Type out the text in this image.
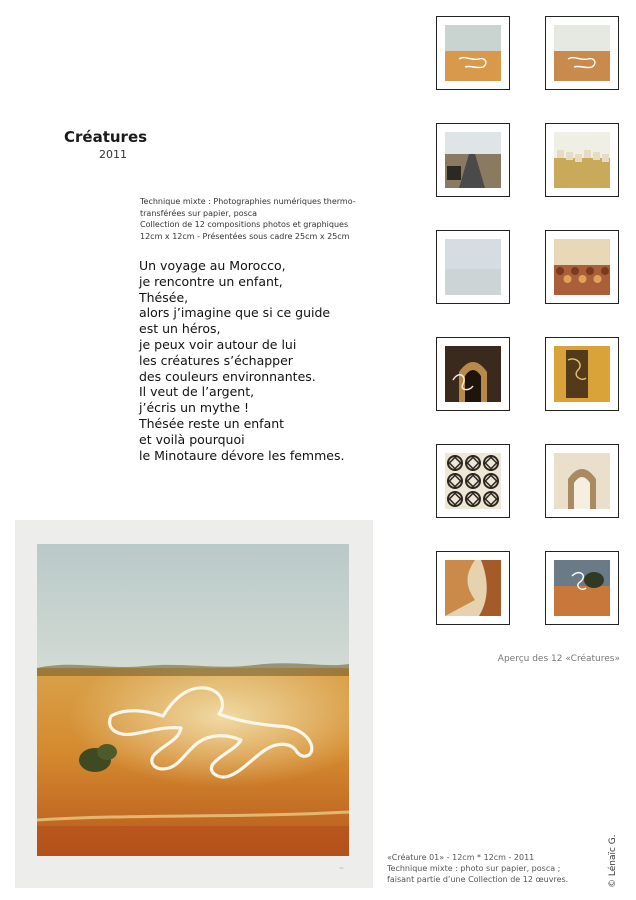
Créatures
2011
Technique mixte : Photographies numériques thermo-
transférées sur papier, posca
Collection de 12 compositions photos et graphiques
12cm x 12cm - Présentées sous cadre 25cm x 25cm
Un voyage au Morocco,
je rencontre un enfant,
Thésée,
alors j’imagine que si ce guide
est un héros,
je peux voir autour de lui
les créatures s’échapper
des couleurs environnantes.
Il veut de l’argent,
j’écris un mythe !
Thésée reste un enfant
et voilà pourquoi
le Minotaure dévore les femmes.
Aperçu des 12 «Créatures»
~
«Créature 01» - 12cm * 12cm - 2011
Technique mixte : photo sur papier, posca ;
faisant partie d’une Collection de 12 œuvres.	© Lénaïc G.
